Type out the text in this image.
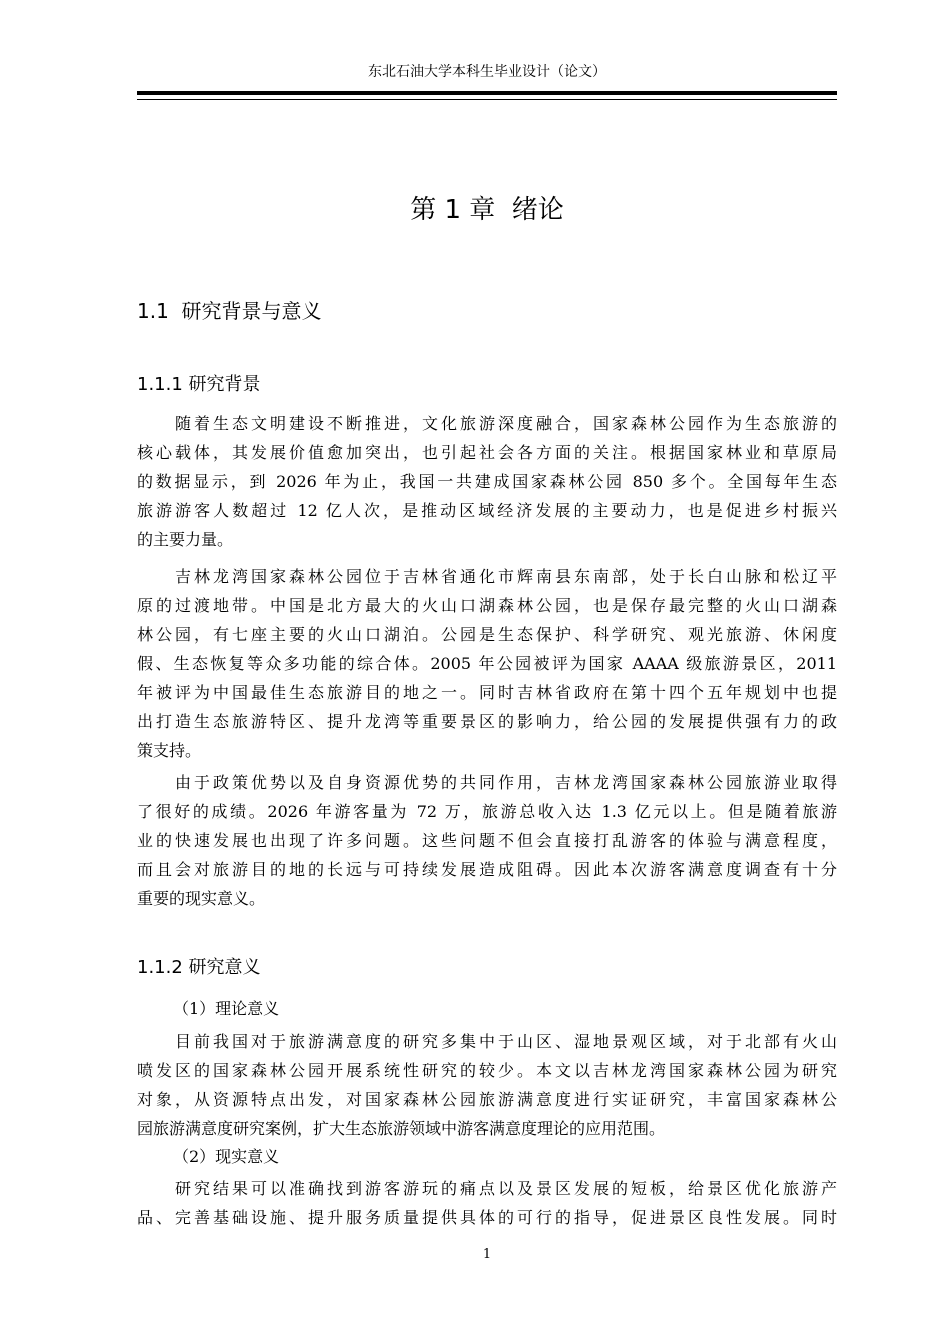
东北石油大学本科生毕业设计（论文）
第 1 章 绪论
1.1 研究背景与意义
1.1.1 研究背景
　　随着生态文明建设不断推进，文化旅游深度融合，国家森林公园作为生态旅游的
核心载体，其发展价值愈加突出，也引起社会各方面的关注。根据国家林业和草原局
的数据显示，到 2026 年为止，我国一共建成国家森林公园 850 多个。全国每年生态
旅游游客人数超过 12 亿人次，是推动区域经济发展的主要动力，也是促进乡村振兴
的主要力量。
　　吉林龙湾国家森林公园位于吉林省通化市辉南县东南部，处于长白山脉和松辽平
原的过渡地带。中国是北方最大的火山口湖森林公园，也是保存最完整的火山口湖森
林公园，有七座主要的火山口湖泊。公园是生态保护、科学研究、观光旅游、休闲度
假、生态恢复等众多功能的综合体。2005 年公园被评为国家 AAAA 级旅游景区，2011
年被评为中国最佳生态旅游目的地之一。同时吉林省政府在第十四个五年规划中也提
出打造生态旅游特区、提升龙湾等重要景区的影响力，给公园的发展提供强有力的政
策支持。
　　由于政策优势以及自身资源优势的共同作用，吉林龙湾国家森林公园旅游业取得
了很好的成绩。2026 年游客量为 72 万，旅游总收入达 1.3 亿元以上。但是随着旅游
业的快速发展也出现了许多问题。这些问题不但会直接打乱游客的体验与满意程度，
而且会对旅游目的地的长远与可持续发展造成阻碍。因此本次游客满意度调查有十分
重要的现实意义。
1.1.2 研究意义
（1）理论意义
　　目前我国对于旅游满意度的研究多集中于山区、湿地景观区域，对于北部有火山
喷发区的国家森林公园开展系统性研究的较少。本文以吉林龙湾国家森林公园为研究
对象，从资源特点出发，对国家森林公园旅游满意度进行实证研究，丰富国家森林公
园旅游满意度研究案例，扩大生态旅游领域中游客满意度理论的应用范围。
（2）现实意义
　　研究结果可以准确找到游客游玩的痛点以及景区发展的短板，给景区优化旅游产
品、完善基础设施、提升服务质量提供具体的可行的指导，促进景区良性发展。同时
1
